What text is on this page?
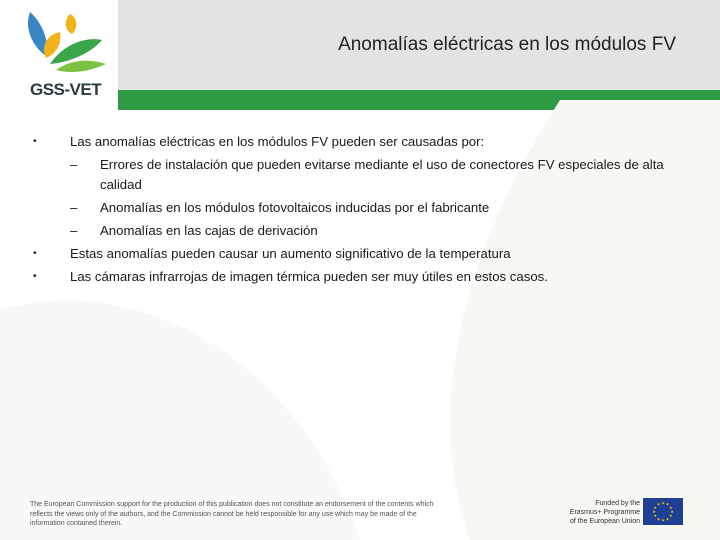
GSS-VET
Anomalías eléctricas en los módulos FV
•	Las anomalías eléctricas en los módulos FV pueden ser causadas por:
– Errores de instalación que pueden evitarse mediante el uso de conectores FV especiales de alta calidad
– Anomalías en los módulos fotovoltaicos inducidas por el fabricante
– Anomalías en las cajas de derivación
•	Estas anomalías pueden causar un aumento significativo de la temperatura
•	Las cámaras infrarrojas de imagen térmica pueden ser muy útiles en estos casos.
The European Commission support for the production of this publication does not constitute an endorsement of the contents which reflects the views only of the authors, and the Commission cannot be held responsible for any use which may be made of the information contained therein.
Funded by the
Erasmus+ Programme
of the European Union
★ ★
★
★
★
★
★
★
★
★
★
★
